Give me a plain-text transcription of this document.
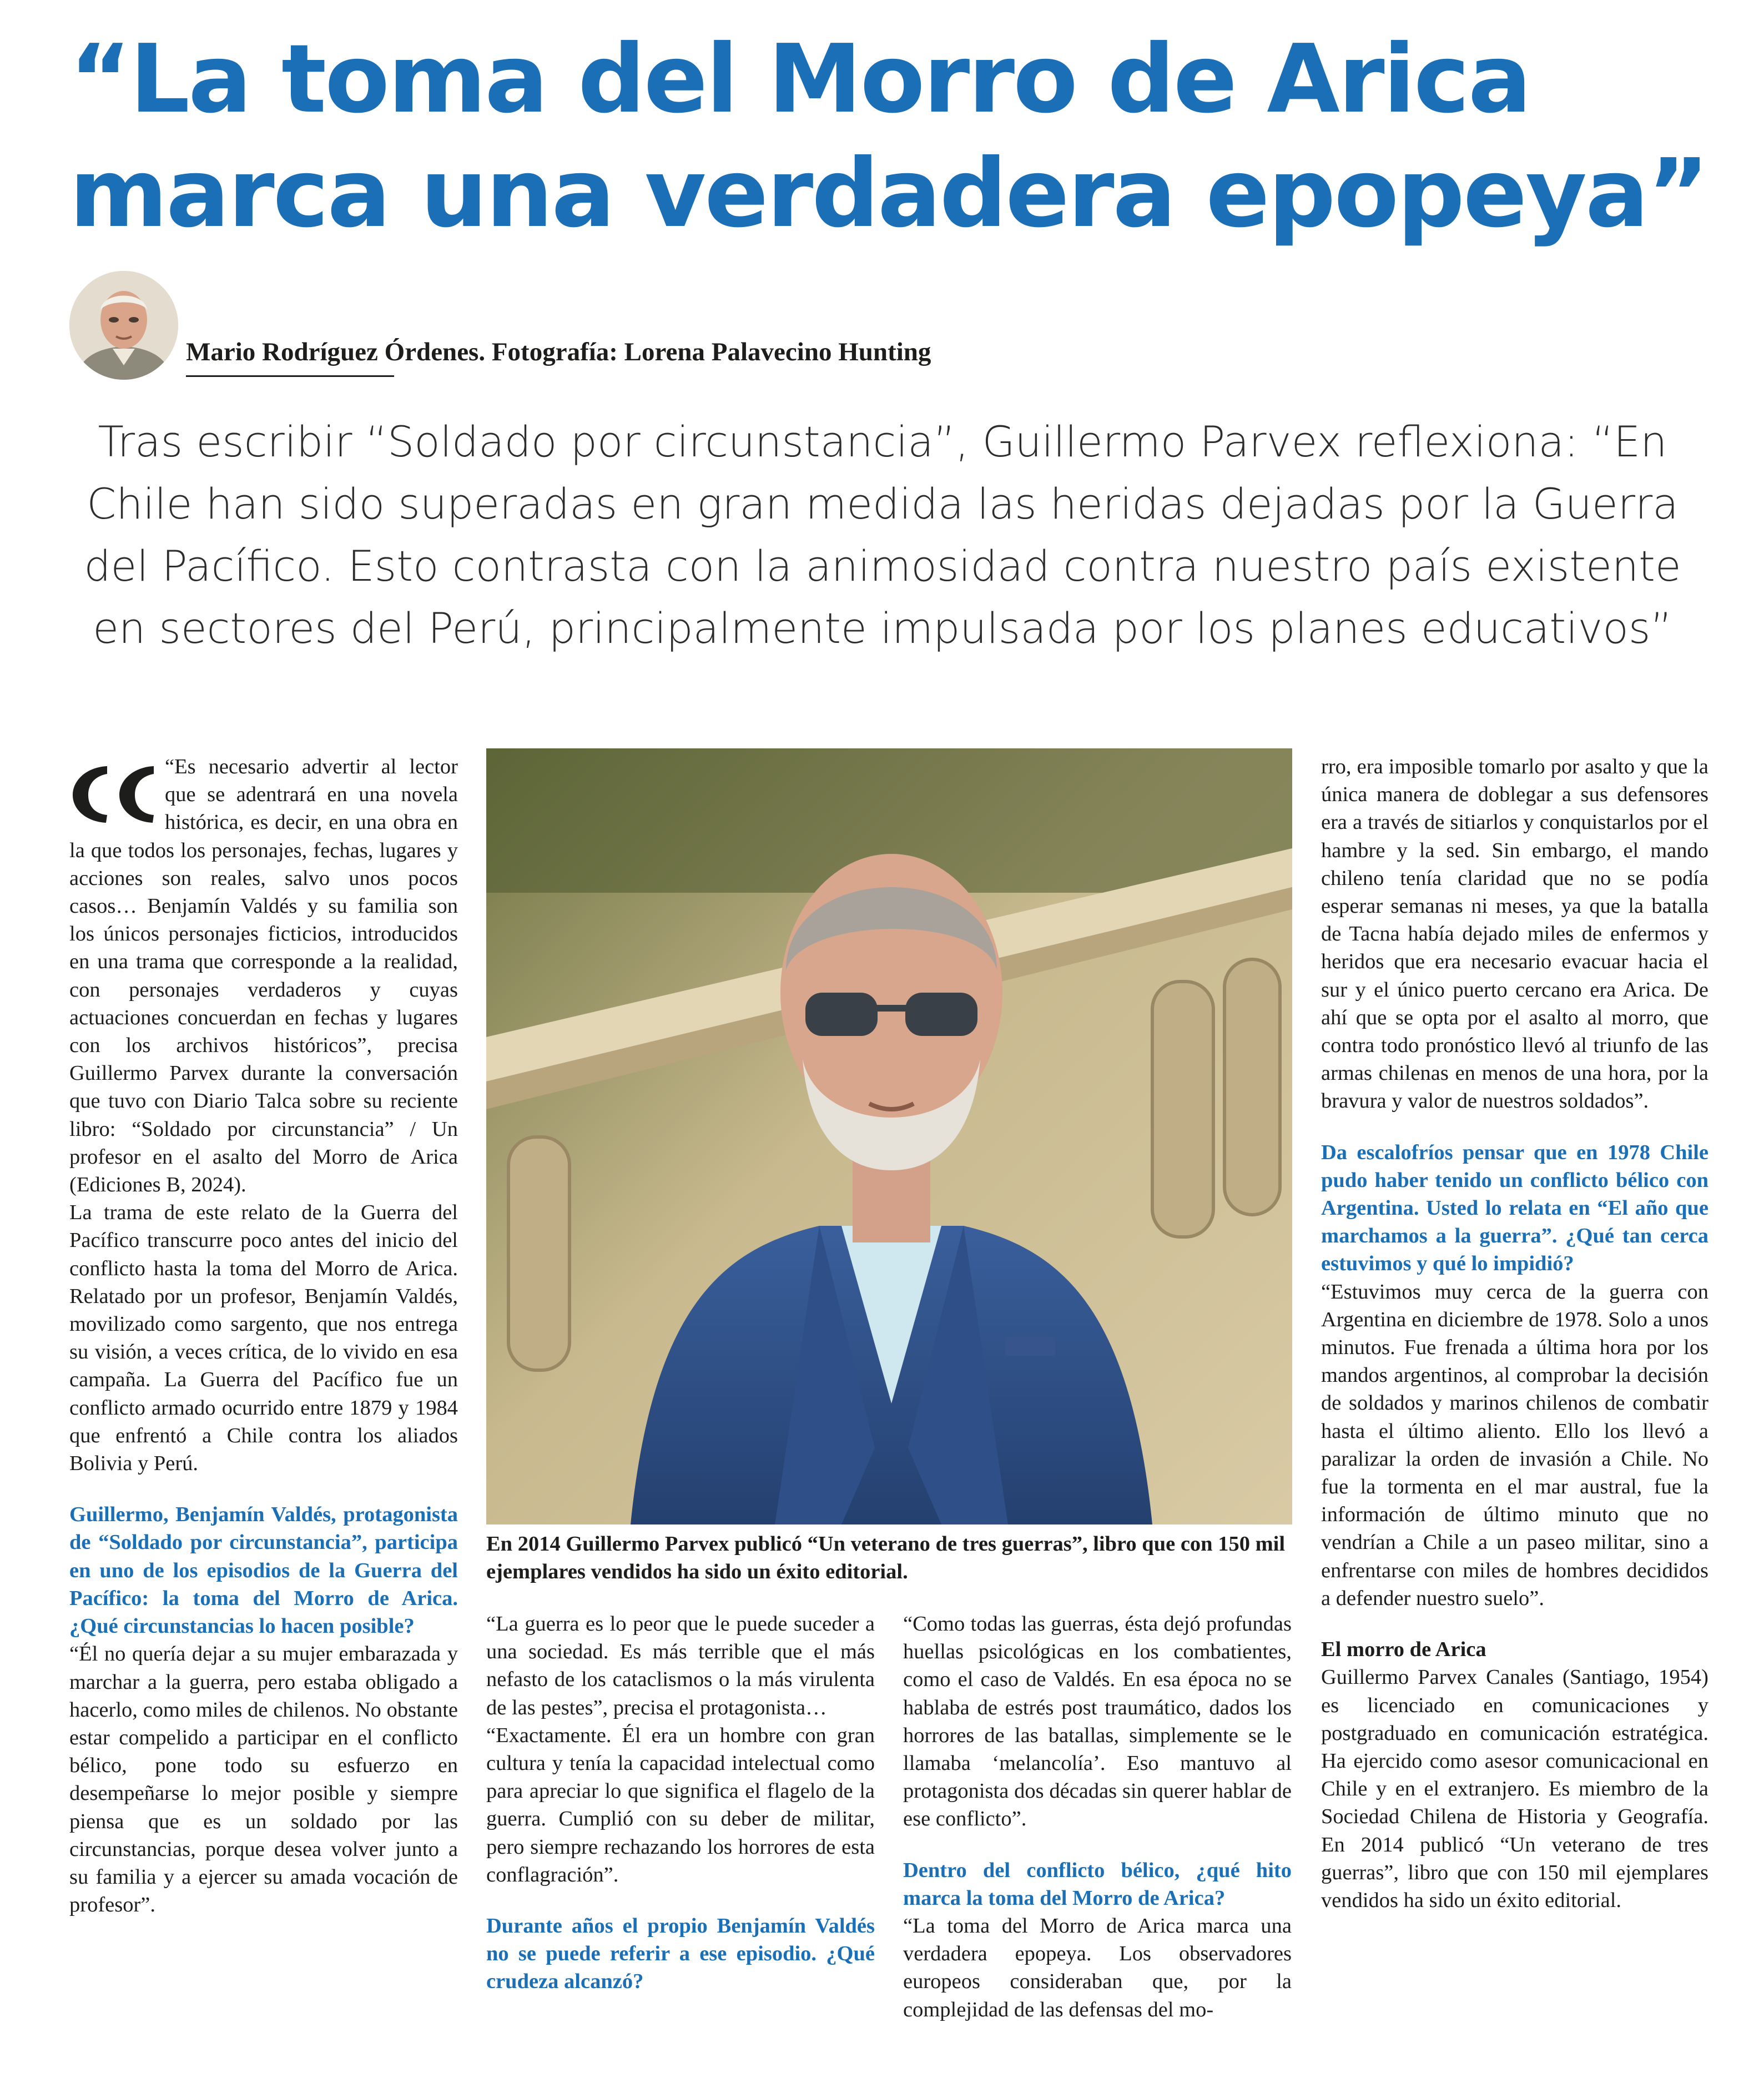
“La toma del Morro de Arica marca una verdadera epopeya”
Mario Rodríguez Órdenes. Fotografía: Lorena Palavecino Hunting

Tras escribir “Soldado por circunstancia”, Guillermo Parvex reflexiona: “En Chile han sido superadas en gran medida las heridas dejadas por la Guerra del Pacífico. Esto contrasta con la animosidad contra nuestro país existente en sectores del Perú, principalmente impulsada por los planes educativos”

“Es necesario advertir al lector que se adentrará en una novela histórica, es decir, en una obra en la que todos los personajes, fechas, lugares y acciones son reales, salvo unos pocos casos… Benjamín Valdés y su familia son los únicos personajes ficticios, introducidos en una trama que corresponde a la realidad, con personajes verdaderos y cuyas actuaciones concuerdan en fechas y lugares con los archivos históricos”, precisa Guillermo Parvex durante la conversación que tuvo con Diario Talca sobre su reciente libro: “Soldado por circunstancia” / Un profesor en el asalto del Morro de Arica (Ediciones B, 2024).

La trama de este relato de la Guerra del Pacífico transcurre poco antes del inicio del conflicto hasta la toma del Morro de Arica. Relatado por un profesor, Benjamín Valdés, movilizado como sargento, que nos entrega su visión, a veces crítica, de lo vivido en esa campaña. La Guerra del Pacífico fue un conflicto armado ocurrido entre 1879 y 1984 que enfrentó a Chile contra los aliados Bolivia y Perú.

Guillermo, Benjamín Valdés, protagonista de “Soldado por circunstancia”, participa en uno de los episodios de la Guerra del Pacífico: la toma del Morro de Arica. ¿Qué circunstancias lo hacen posible?

“Él no quería dejar a su mujer embarazada y marchar a la guerra, pero estaba obligado a hacerlo, como miles de chilenos. No obstante estar compelido a participar en el conflicto bélico, pone todo su esfuerzo en desempeñarse lo mejor posible y siempre piensa que es un soldado por las circunstancias, porque desea volver junto a su familia y a ejercer su amada vocación de profesor”.

En 2014 Guillermo Parvex publicó “Un veterano de tres guerras”, libro que con 150 mil ejemplares vendidos ha sido un éxito editorial.

“La guerra es lo peor que le puede suceder a una sociedad. Es más terrible que el más nefasto de los cataclismos o la más virulenta de las pestes”, precisa el protagonista…

“Exactamente. Él era un hombre con gran cultura y tenía la capacidad intelectual como para apreciar lo que significa el flagelo de la guerra. Cumplió con su deber de militar, pero siempre rechazando los horrores de esta conflagración”.

Durante años el propio Benjamín Valdés no se puede referir a ese episodio. ¿Qué crudeza alcanzó?

“Como todas las guerras, ésta dejó profundas huellas psicológicas en los combatientes, como el caso de Valdés. En esa época no se hablaba de estrés post traumático, dados los horrores de las batallas, simplemente se le llamaba ‘melancolía’. Eso mantuvo al protagonista dos décadas sin querer hablar de ese conflicto”.

Dentro del conflicto bélico, ¿qué hito marca la toma del Morro de Arica?

“La toma del Morro de Arica marca una verdadera epopeya. Los observadores europeos consideraban que, por la complejidad de las defensas del mo-

rro, era imposible tomarlo por asalto y que la única manera de doblegar a sus defensores era a través de sitiarlos y conquistarlos por el hambre y la sed. Sin embargo, el mando chileno tenía claridad que no se podía esperar semanas ni meses, ya que la batalla de Tacna había dejado miles de enfermos y heridos que era necesario evacuar hacia el sur y el único puerto cercano era Arica. De ahí que se opta por el asalto al morro, que contra todo pronóstico llevó al triunfo de las armas chilenas en menos de una hora, por la bravura y valor de nuestros soldados”.

Da escalofríos pensar que en 1978 Chile pudo haber tenido un conflicto bélico con Argentina. Usted lo relata en “El año que marchamos a la guerra”. ¿Qué tan cerca estuvimos y qué lo impidió?

“Estuvimos muy cerca de la guerra con Argentina en diciembre de 1978. Solo a unos minutos. Fue frenada a última hora por los mandos argentinos, al comprobar la decisión de soldados y marinos chilenos de combatir hasta el último aliento. Ello los llevó a paralizar la orden de invasión a Chile. No fue la tormenta en el mar austral, fue la información de último minuto que no vendrían a Chile a un paseo militar, sino a enfrentarse con miles de hombres decididos a defender nuestro suelo”.

El morro de Arica

Guillermo Parvex Canales (Santiago, 1954) es licenciado en comunicaciones y postgraduado en comunicación estratégica. Ha ejercido como asesor comunicacional en Chile y en el extranjero. Es miembro de la Sociedad Chilena de Historia y Geografía. En 2014 publicó “Un veterano de tres guerras”, libro que con 150 mil ejemplares vendidos ha sido un éxito editorial.
